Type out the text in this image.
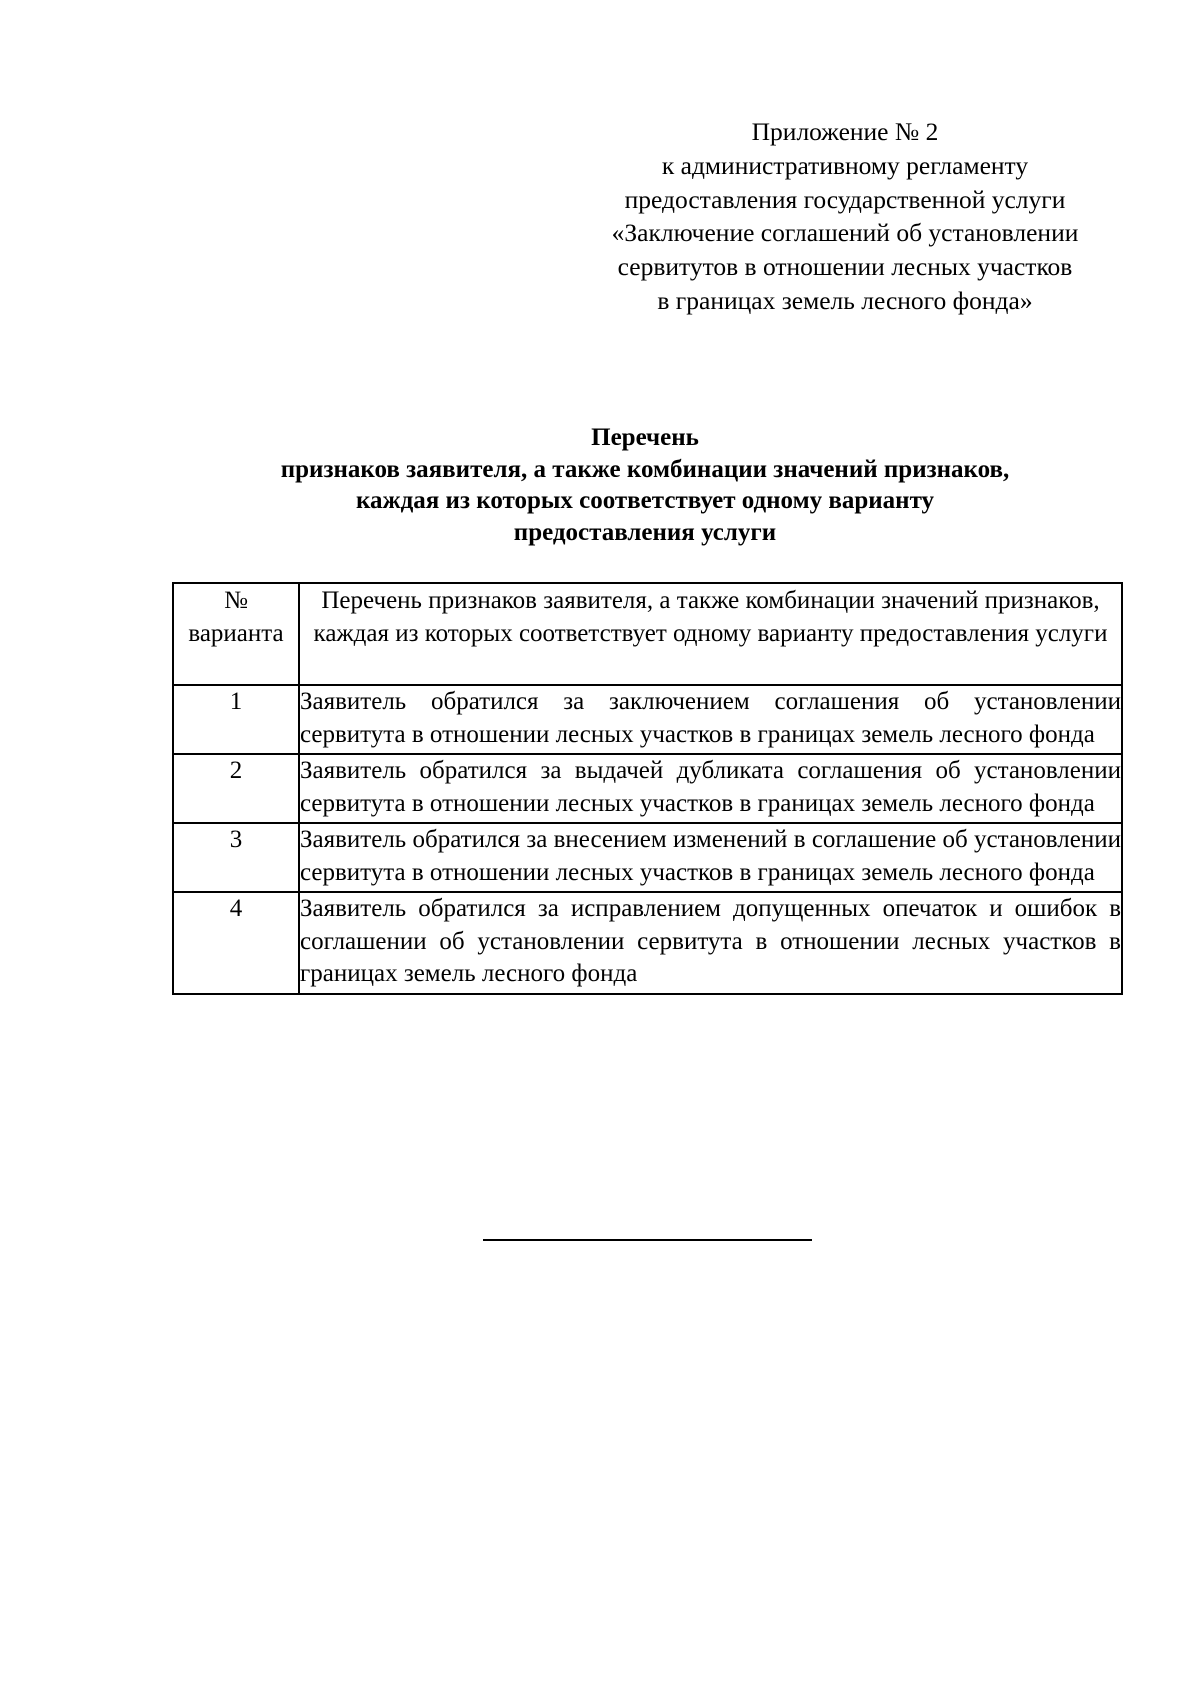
Приложение № 2
к административному регламенту
предоставления государственной услуги
«Заключение соглашений об установлении
сервитутов в отношении лесных участков
в границах земель лесного фонда»
Перечень
признаков заявителя, а также комбинации значений признаков,
каждая из которых соответствует одному варианту
предоставления услуги
№
варианта	Перечень признаков заявителя, а также комбинации значений признаков, каждая из которых соответствует одному варианту предоставления услуги
1	Заявитель обратился за заключением соглашения об установлении сервитута в отношении лесных участков в границах земель лесного фонда
2	Заявитель обратился за выдачей дубликата соглашения об установлении сервитута в отношении лесных участков в границах земель лесного фонда
3	Заявитель обратился за внесением изменений в соглашение об установлении сервитута в отношении лесных участков в границах земель лесного фонда
4	Заявитель обратился за исправлением допущенных опечаток и ошибок в соглашении об установлении сервитута в отношении лесных участков в границах земель лесного фонда
